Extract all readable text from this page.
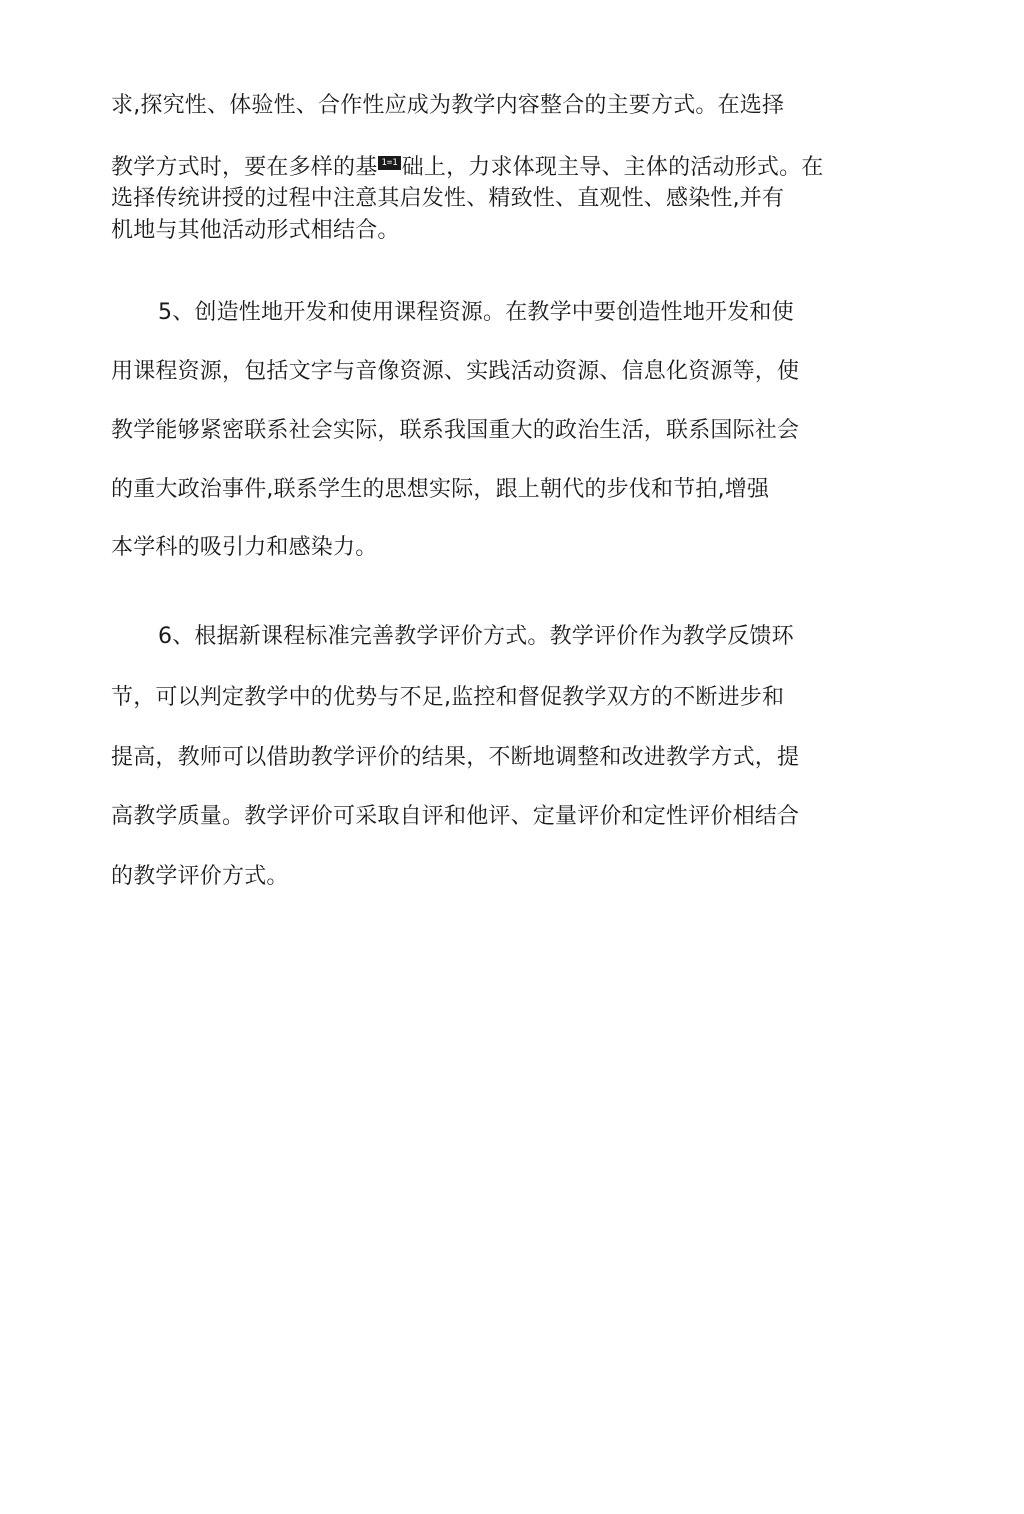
求,探究性、体验性、合作性应成为教学内容整合的主要方式。在选择
教学方式时，要在多样的基 1=1 础上，力求体现主导、主体的活动形式。在
选择传统讲授的过程中注意其启发性、精致性、直观性、感染性,并有
机地与其他活动形式相结合。
5、创造性地开发和使用课程资源。在教学中要创造性地开发和使
用课程资源，包括文字与音像资源、实践活动资源、信息化资源等，使
教学能够紧密联系社会实际，联系我国重大的政治生活，联系国际社会
的重大政治事件,联系学生的思想实际，跟上朝代的步伐和节拍,增强
本学科的吸引力和感染力。
6、根据新课程标准完善教学评价方式。教学评价作为教学反馈环
节，可以判定教学中的优势与不足,监控和督促教学双方的不断进步和
提高，教师可以借助教学评价的结果，不断地调整和改进教学方式，提
高教学质量。教学评价可采取自评和他评、定量评价和定性评价相结合
的教学评价方式。
